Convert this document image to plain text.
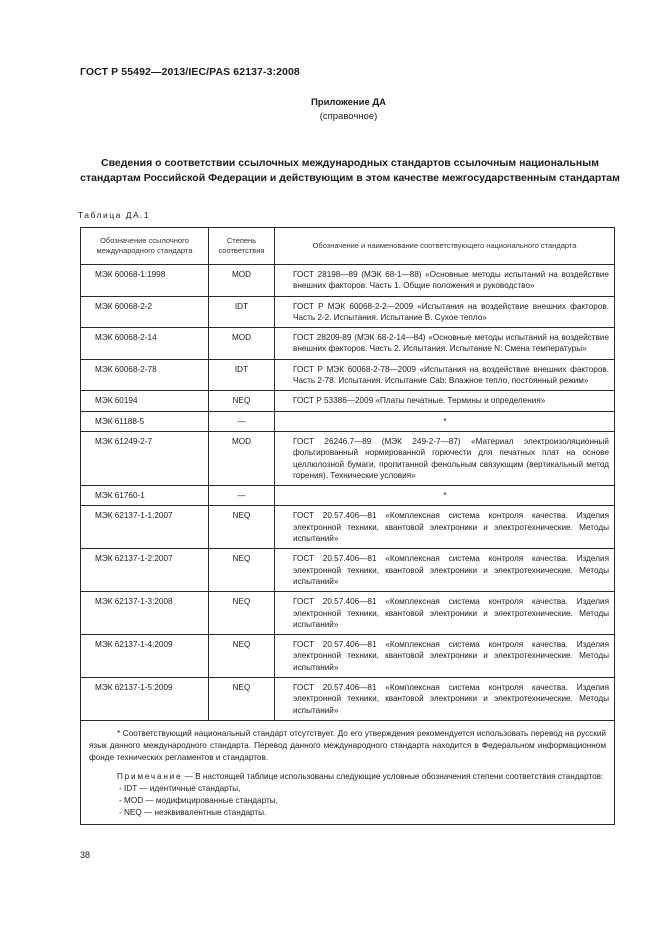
ГОСТ Р 55492—2013/IEC/PAS 62137-3:2008
Приложение ДА
(справочное)
Сведения о соответствии ссылочных международных стандартов ссылочным национальным стандартам Российской Федерации и действующим в этом качестве межгосударственным стандартам
Таблица ДА.1
Обозначение ссылочного международного стандарта	Степень соответствия	Обозначение и наименование соответствующего национального стандарта
МЭК 60068-1:1998	MOD	ГОСТ 28198—89 (МЭК 68-1—88) «Основные методы испытаний на воздействие внешних факторов. Часть 1. Общие положения и руководство»

МЭК 60068-2-2	IDT	ГОСТ Р МЭК 60068-2-2—2009 «Испытания на воздействие внешних факторов. Часть 2-2. Испытания. Испытание В. Сухое тепло»

МЭК 60068-2-14	MOD	ГОСТ 28209-89 (МЭК 68-2-14—84) «Основные методы испытаний на воздействие внешних факторов. Часть 2. Испытания. Испытание N: Смена температуры»

МЭК 60068-2-78	IDT	ГОСТ Р МЭК 60068-2-78—2009 «Испытания на воздействие внешних факторов. Часть 2-78. Испытания. Испытание Cab: Влажное тепло, постоянный режим»

МЭК 60194	NEQ	ГОСТ Р 53386—2009 «Платы печатные. Термины и определения»

МЭК 61188-5	—	*

МЭК 61249-2-7	MOD	ГОСТ 26246.7—89 (МЭК 249-2-7—87) «Материал электроизоляционный фольгированный нормированной горючести для печатных плат на основе целлюлозной бумаги, пропитанной фенольным связующим (вертикальный метод горения). Технические условия»

МЭК 61760-1	—	*

МЭК 62137-1-1:2007	NEQ	ГОСТ 20.57.406—81 «Комплексная система контроля качества. Изделия электронной техники, квантовой электроники и электротехнические. Методы испытаний»

МЭК 62137-1-2:2007	NEQ	ГОСТ 20.57.406—81 «Комплексная система контроля качества. Изделия электронной техники, квантовой электроники и электротехнические. Методы испытаний»

МЭК 62137-1-3:2008	NEQ	ГОСТ 20.57.406—81 «Комплексная система контроля качества. Изделия электронной техники, квантовой электроники и электротехнические. Методы испытаний»

МЭК 62137-1-4:2009	NEQ	ГОСТ 20.57.406—81 «Комплексная система контроля качества. Изделия электронной техники, квантовой электроники и электротехнические. Методы испытаний»

МЭК 62137-1-5:2009	NEQ	ГОСТ 20.57.406—81 «Комплексная система контроля качества. Изделия электронной техники, квантовой электроники и электротехнические. Методы испытаний»

* Соответствующий национальный стандарт отсутствует. До его утверждения рекомендуется использовать перевод на русский язык данного международного стандарта. Перевод данного международного стандарта находится в Федеральном информационном фонде технических регламентов и стандартов.
Примечание — В настоящей таблице использованы следующие условные обозначения степени соответствия стандартов:
- IDT — идентичные стандарты,
- MOD — модифицированные стандарты,
- NEQ — неэквивалентные стандарты.		
38
